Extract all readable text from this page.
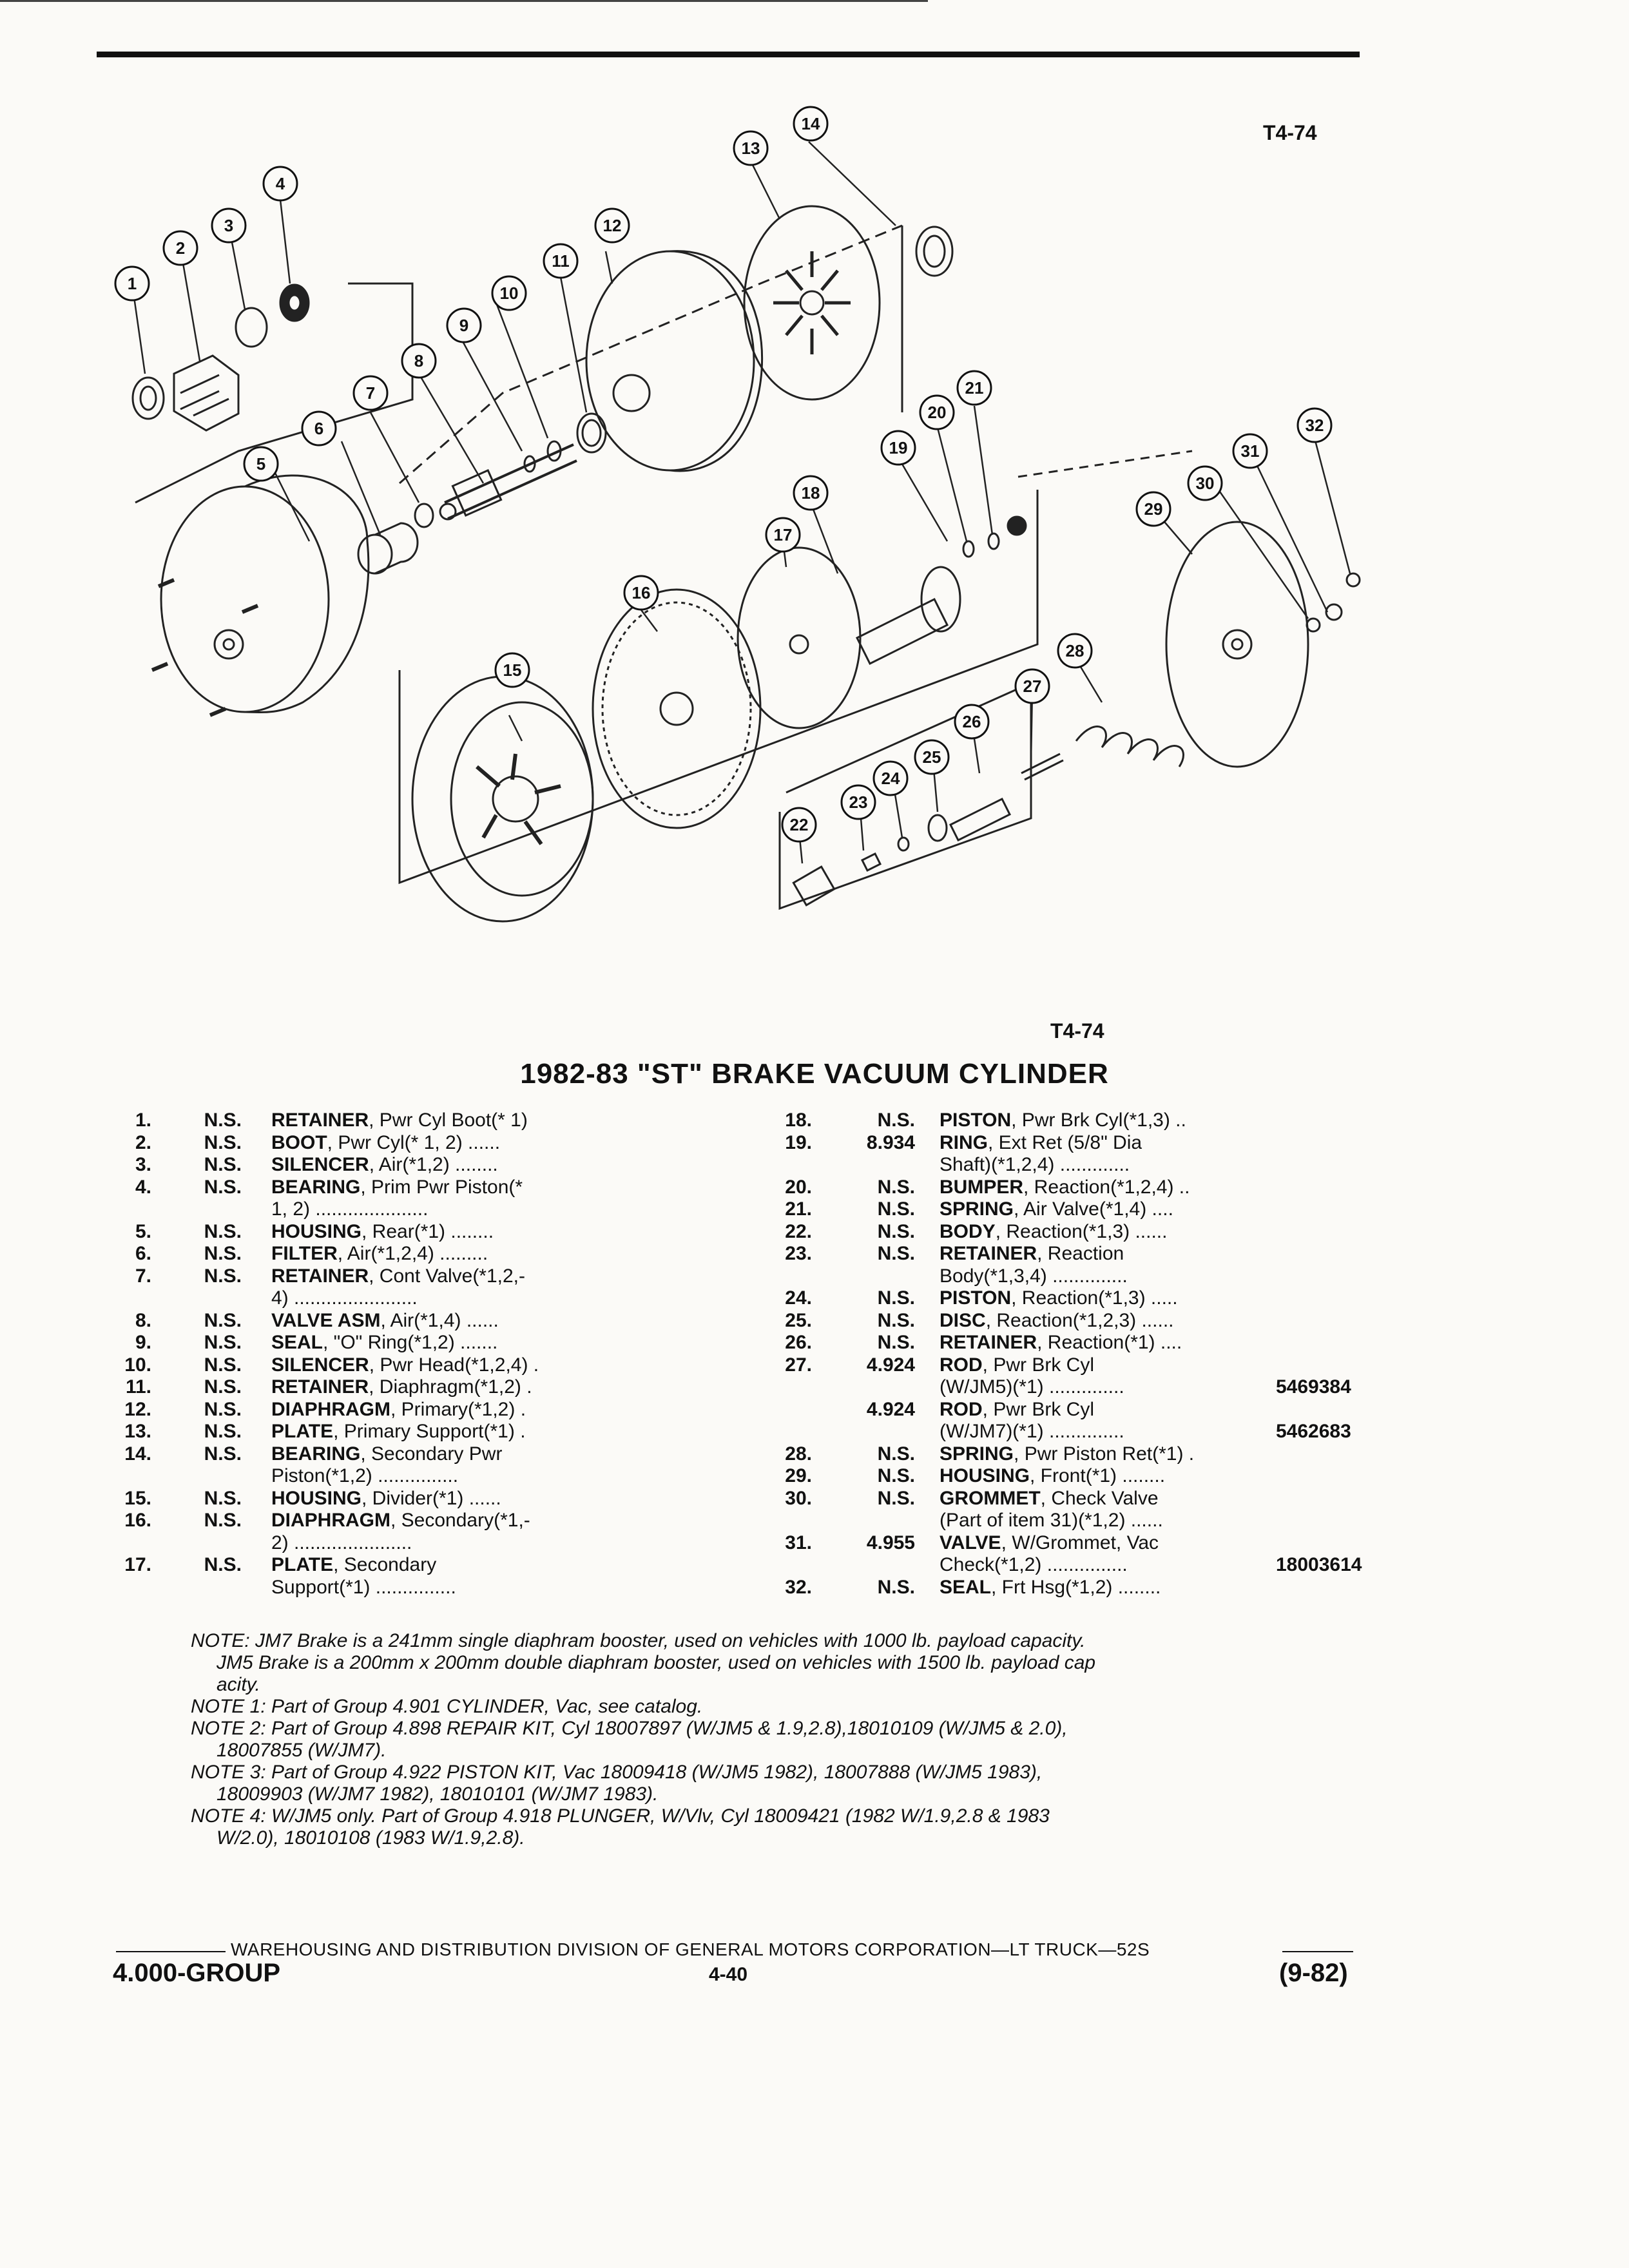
T4-74
1
2
3
4
5
6
7
8
9
10
11
12
13
14
15
16
17
18
19
20
21
22
23
24
25
26
27
28
29
30
31
32
T4-74
1982-83 "ST" BRAKE VACUUM CYLINDER
1.	N.S. RETAINER, Pwr Cyl Boot(* 1)
2.	N.S. BOOT, Pwr Cyl(* 1, 2) ......
3.	N.S. SILENCER, Air(*1,2) ........
4.	N.S. BEARING, Prim Pwr Piston(*
1, 2) .....................
5.	N.S. HOUSING, Rear(*1) ........
6.	N.S. FILTER, Air(*1,2,4) .........
7.	N.S. RETAINER, Cont Valve(*1,2,-
4) .......................
8.	N.S. VALVE ASM, Air(*1,4) ......
9.	N.S. SEAL, "O" Ring(*1,2) .......
10.	N.S. SILENCER, Pwr Head(*1,2,4) .
11.	N.S. RETAINER, Diaphragm(*1,2) .
12.	N.S. DIAPHRAGM, Primary(*1,2) .
13.	N.S. PLATE, Primary Support(*1) .
14.	N.S. BEARING, Secondary Pwr
Piston(*1,2) ...............
15.	N.S. HOUSING, Divider(*1) ......
16.	N.S. DIAPHRAGM, Secondary(*1,-
2) ......................
17.	N.S. PLATE, Secondary
Support(*1) ...............
18.	N.S. PISTON, Pwr Brk Cyl(*1,3) ..
19.	8.934 RING, Ext Ret (5/8" Dia
Shaft)(*1,2,4) .............
20.	N.S. BUMPER, Reaction(*1,2,4) ..
21.	N.S. SPRING, Air Valve(*1,4) ....
22.	N.S. BODY, Reaction(*1,3) ......
23.	N.S. RETAINER, Reaction
Body(*1,3,4) ..............
24.	N.S. PISTON, Reaction(*1,3) .....
25.	N.S. DISC, Reaction(*1,2,3) ......
26.	N.S. RETAINER, Reaction(*1) ....
27.	4.924 ROD, Pwr Brk Cyl
(W/JM5)(*1) ..............	5469384
4.924 ROD, Pwr Brk Cyl
(W/JM7)(*1) ..............	5462683
28.	N.S. SPRING, Pwr Piston Ret(*1) .
29.	N.S. HOUSING, Front(*1) ........
30.	N.S. GROMMET, Check Valve
(Part of item 31)(*1,2) ......
31.	4.955 VALVE, W/Grommet, Vac
Check(*1,2) ...............	18003614
32.	N.S. SEAL, Frt Hsg(*1,2) ........
NOTE: JM7 Brake is a 241mm single diaphram booster, used on vehicles with 1000 lb. payload capacity.
JM5 Brake is a 200mm x 200mm double diaphram booster, used on vehicles with 1500 lb. payload cap
acity.
NOTE 1: Part of Group 4.901 CYLINDER, Vac, see catalog.
NOTE 2: Part of Group 4.898 REPAIR KIT, Cyl 18007897 (W/JM5 & 1.9,2.8),18010109 (W/JM5 & 2.0),
18007855 (W/JM7).
NOTE 3: Part of Group 4.922 PISTON KIT, Vac 18009418 (W/JM5 1982), 18007888 (W/JM5 1983),
18009903 (W/JM7 1982), 18010101 (W/JM7 1983).
NOTE 4: W/JM5 only. Part of Group 4.918 PLUNGER, W/Vlv, Cyl 18009421 (1982 W/1.9,2.8 & 1983
W/2.0), 18010108 (1983 W/1.9,2.8).
WAREHOUSING AND DISTRIBUTION DIVISION OF GENERAL MOTORS CORPORATION—LT TRUCK—52S
4.000-GROUP	4-40	(9-82)
